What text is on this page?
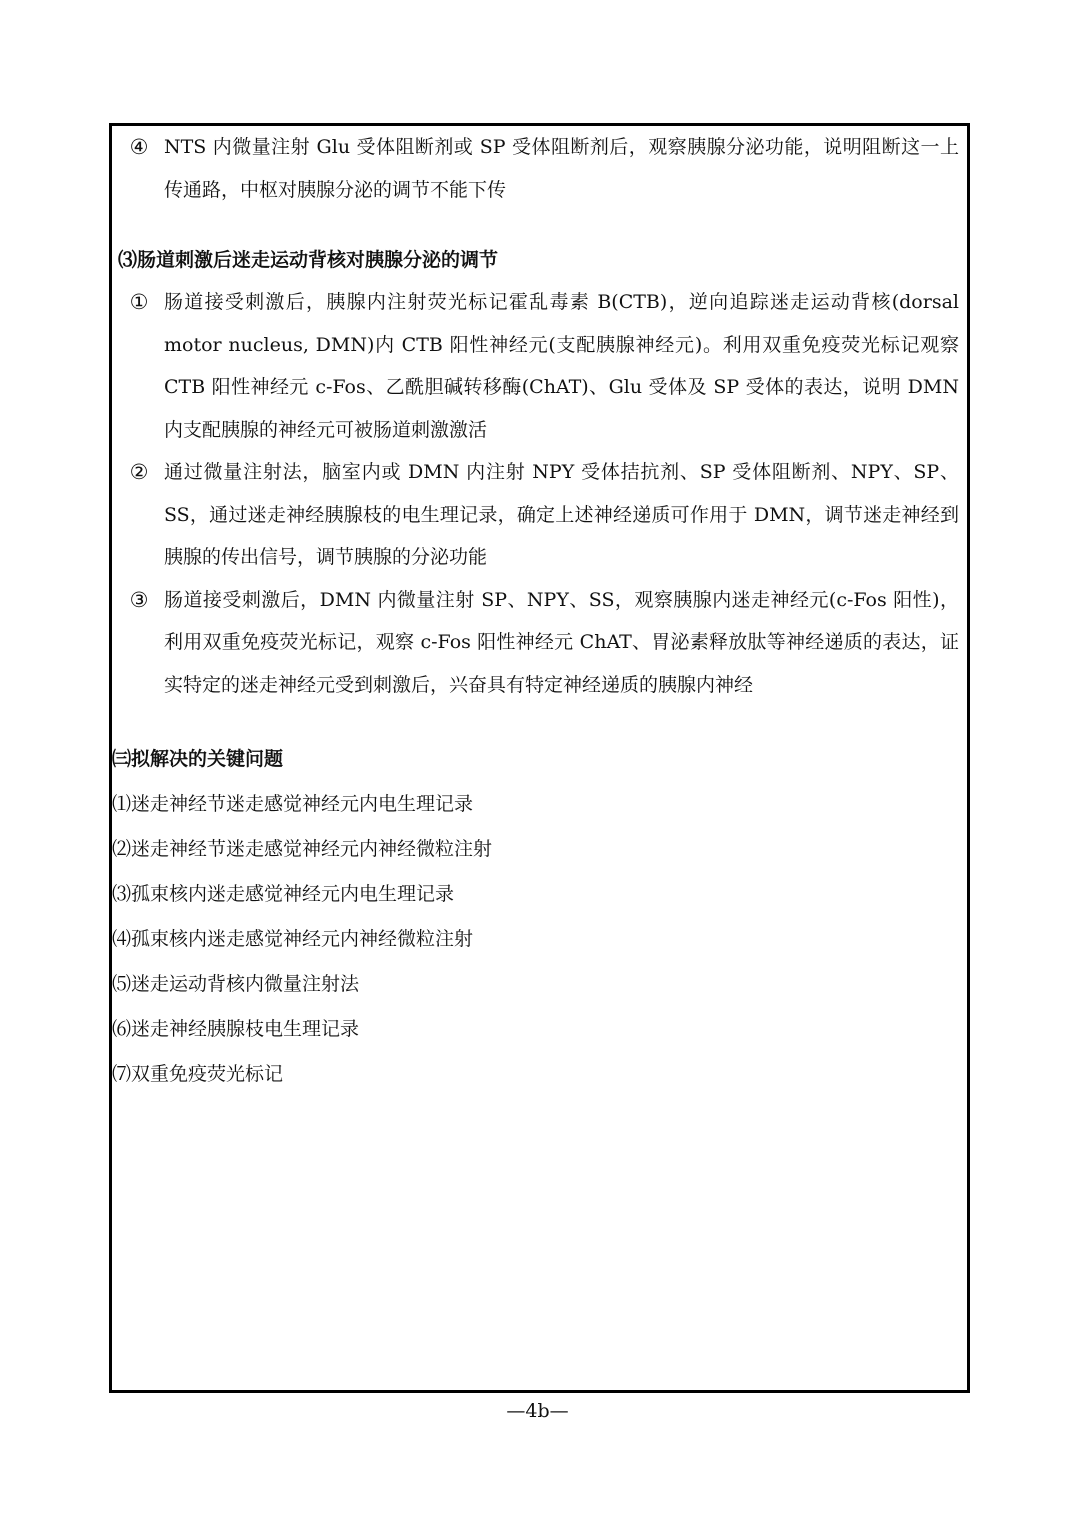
④ NTS 内微量注射 Glu 受体阻断剂或 SP 受体阻断剂后，观察胰腺分泌功能，说明阻断这一上传通路，中枢对胰腺分泌的调节不能下传
⑶肠道刺激后迷走运动背核对胰腺分泌的调节
① 肠道接受刺激后，胰腺内注射荧光标记霍乱毒素 B(CTB)，逆向追踪迷走运动背核(dorsal motor nucleus, DMN)内 CTB 阳性神经元(支配胰腺神经元)。利用双重免疫荧光标记观察 CTB 阳性神经元 c-Fos、乙酰胆碱转移酶(ChAT)、Glu 受体及 SP 受体的表达，说明 DMN 内支配胰腺的神经元可被肠道刺激激活
② 通过微量注射法，脑室内或 DMN 内注射 NPY 受体拮抗剂、SP 受体阻断剂、NPY、SP、SS，通过迷走神经胰腺枝的电生理记录，确定上述神经递质可作用于 DMN，调节迷走神经到胰腺的传出信号，调节胰腺的分泌功能
③ 肠道接受刺激后，DMN 内微量注射 SP、NPY、SS，观察胰腺内迷走神经元(c-Fos 阳性)，利用双重免疫荧光标记，观察 c-Fos 阳性神经元 ChAT、胃泌素释放肽等神经递质的表达，证实特定的迷走神经元受到刺激后，兴奋具有特定神经递质的胰腺内神经
㈢拟解决的关键问题
⑴迷走神经节迷走感觉神经元内电生理记录
⑵迷走神经节迷走感觉神经元内神经微粒注射
⑶孤束核内迷走感觉神经元内电生理记录
⑷孤束核内迷走感觉神经元内神经微粒注射
⑸迷走运动背核内微量注射法
⑹迷走神经胰腺枝电生理记录
⑺双重免疫荧光标记
—4b—
